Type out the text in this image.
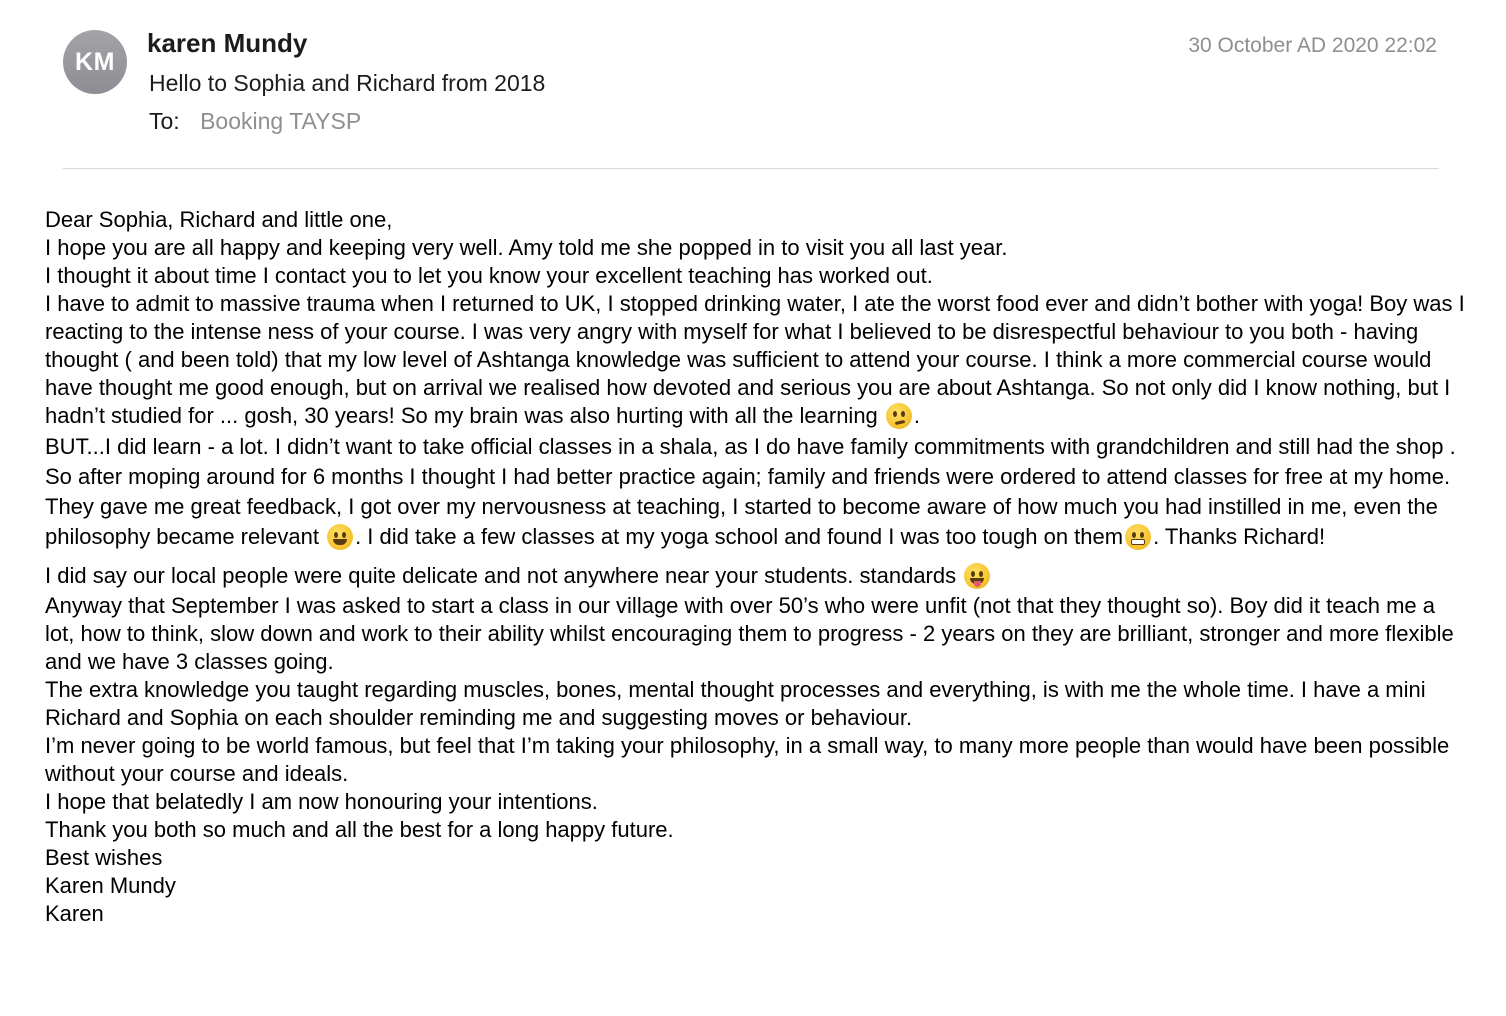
KM
karen Mundy
Hello to Sophia and Richard from 2018
To: Booking TAYSP
30 October AD 2020 22:02

Dear Sophia, Richard and little one,

I hope you are all happy and keeping very well. Amy told me she popped in to visit you all last year.

I thought it about time I contact you to let you know your excellent teaching has worked out.

I have to admit to massive trauma when I returned to UK, I stopped drinking water, I ate the worst food ever and didn’t bother with yoga! Boy was I reacting to the intense ness of your course. I was very angry with myself for what I believed to be disrespectful behaviour to you both - having thought ( and been told) that my low level of Ashtanga knowledge was sufficient to attend your course. I think a more commercial course would have thought me good enough, but on arrival we realised how devoted and serious you are about Ashtanga. So not only did I know nothing, but I hadn’t studied for ... gosh, 30 years! So my brain was also hurting with all the learning .

BUT...I did learn - a lot. I didn’t want to take official classes in a shala, as I do have family commitments with grandchildren and still had the shop . So after moping around for 6 months I thought I had better practice again; family and friends were ordered to attend classes for free at my home. They gave me great feedback, I got over my nervousness at teaching, I started to become aware of how much you had instilled in me, even the philosophy became relevant . I did take a few classes at my yoga school and found I was too tough on them . Thanks Richard!

I did say our local people were quite delicate and not anywhere near your students. standards

Anyway that September I was asked to start a class in our village with over 50’s who were unfit (not that they thought so). Boy did it teach me a lot, how to think, slow down and work to their ability whilst encouraging them to progress - 2 years on they are brilliant, stronger and more flexible and we have 3 classes going.

The extra knowledge you taught regarding muscles, bones, mental thought processes and everything, is with me the whole time. I have a mini Richard and Sophia on each shoulder reminding me and suggesting moves or behaviour.

I’m never going to be world famous, but feel that I’m taking your philosophy, in a small way, to many more people than would have been possible without your course and ideals.

I hope that belatedly I am now honouring your intentions.

Thank you both so much and all the best for a long happy future.

Best wishes

Karen Mundy

Karen
